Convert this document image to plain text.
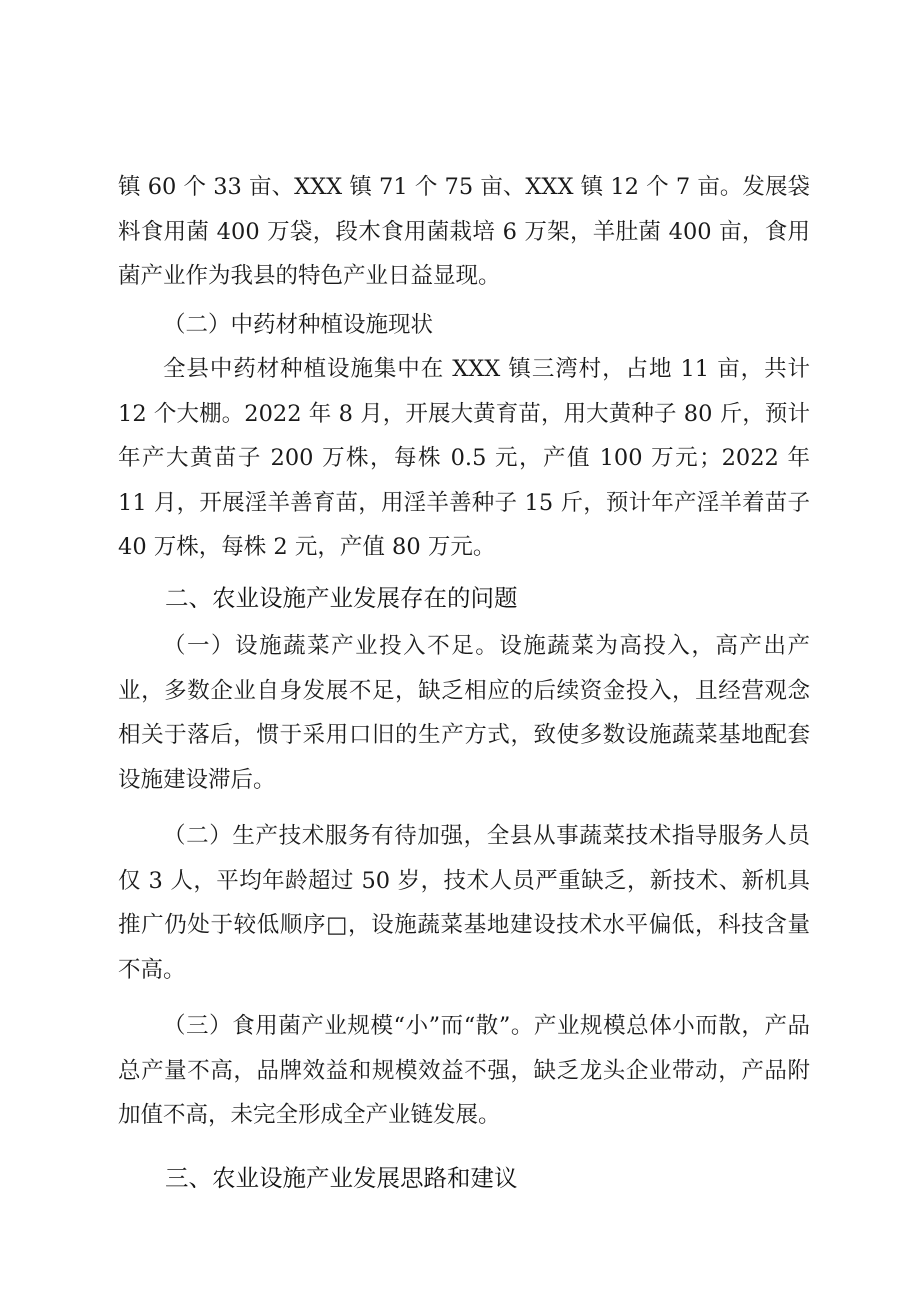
镇 60 个 33 亩、XXX 镇 71 个 75 亩、XXX 镇 12 个 7 亩。发展袋料食用菌 400 万袋，段木食用菌栽培 6 万架，羊肚菌 400 亩，食用菌产业作为我县的特色产业日益显现。

（二）中药材种植设施现状

全县中药材种植设施集中在 XXX 镇三湾村，占地 11 亩，共计 12 个大棚。2022 年 8 月，开展大黄育苗，用大黄种子 80 斤，预计年产大黄苗子 200 万株，每株 0.5 元，产值 100 万元；2022 年 11 月，开展淫羊善育苗，用淫羊善种子 15 斤，预计年产淫羊着苗子 40 万株，每株 2 元，产值 80 万元。

二、农业设施产业发展存在的问题

（一）设施蔬菜产业投入不足。设施蔬菜为高投入，高产出产业，多数企业自身发展不足，缺乏相应的后续资金投入，且经营观念相关于落后，惯于采用口旧的生产方式，致使多数设施蔬菜基地配套设施建设滞后。

（二）生产技术服务有待加强，全县从事蔬菜技术指导服务人员仅 3 人，平均年龄超过 50 岁，技术人员严重缺乏，新技术、新机具推广仍处于较低顺序□，设施蔬菜基地建设技术水平偏低，科技含量不高。

（三）食用菌产业规模“小”而“散”。产业规模总体小而散，产品总产量不高，品牌效益和规模效益不强，缺乏龙头企业带动，产品附加值不高，未完全形成全产业链发展。

三、农业设施产业发展思路和建议
